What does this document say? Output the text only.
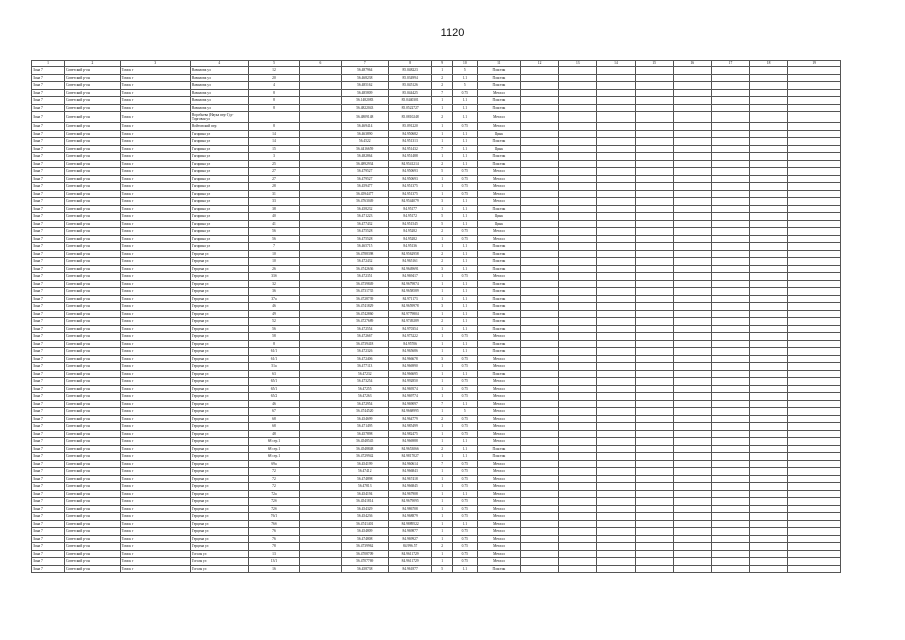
1120
1	2	3	4	5	6	7	8	9	10	11	12	13	14	15	16	17	18	19
Зона 7	Советский р-он	Томск г	Вавилова ул	12		56.487964	85.048223	1	5	Пластик								
Зона 7	Советский р-он	Томск г	Вавилова ул	20		56.468238	85.034994	2	1.1	Пластик								
Зона 7	Советский р-он	Томск г	Вавилова ул	4		56.485162	85.045126	2	5	Пластик								
Зона 7	Советский р-он	Томск г	Вавилова ул	8		56.485809	85.044425	7	0.75	Металл								
Зона 7	Советский р-он	Томск г	Вавилова ул	8		56.1482083	85.0440301	1	1.1	Пластик								
Зона 7	Советский р-он	Томск г	Вавилова ул	8		56.4822043	85.0522727	1	1.1	Пластик								
Зона 7	Советский р-он	Томск г	Воробьева (Наука пер-1) р-Торговая ул			56.4809148	85.0810248	2	1.1	Металл								
Зона 7	Советский р-он	Томск г	Войтовский пер	8		56.469414	85.091220	1	0.75	Металл								
Зона 7	Советский р-он	Томск г	Гагарина ул	14		56.463890	84.950682	1	1.1	Цинк								
Зона 7	Советский р-он	Томск г	Гагарина ул	14		56.4522	84.951313	1	1.1	Пластик								
Зона 7	Советский р-он	Томск г	Гагарина ул	15		56.4416659	84.951432	7	1.1	Цинк								
Зона 7	Советский р-он	Томск г	Гагарина ул	3		56.482864	84.951488	1	1.1	Пластик								
Зона 7	Советский р-он	Томск г	Гагарина ул	25		56.4892934	84.9541214	2	1.1	Пластик								
Зона 7	Советский р-он	Томск г	Гагарина ул	27		56.479527	84.950693	5	0.75	Металл								
Зона 7	Советский р-он	Томск г	Гагарина ул	27		56.479527	84.950693	1	0.75	Металл								
Зона 7	Советский р-он	Томск г	Гагарина ул	28		56.459477	84.951375	1	0.75	Металл								
Зона 7	Советский р-он	Томск г	Гагарина ул	31		56.4594477	84.951375	1	0.75	Металл								
Зона 7	Советский р-он	Томск г	Гагарина ул	33		56.4763049	84.9544079	3	1.1	Металл								
Зона 7	Советский р-он	Томск г	Гагарина ул	38		56.458232	84.95177	1	1.1	Пластик								
Зона 7	Советский р-он	Томск г	Гагарина ул	40		56.471223	84.95172	5	1.1	Цинк								
Зона 7	Советский р-он	Томск г	Гагарина ул	41		56.477432	84.951545	5	1.1	Цинк								
Зона 7	Советский р-он	Томск г	Гагарина ул	56		56.475528	84.95282	2	0.75	Металл								
Зона 7	Советский р-он	Томск г	Гагарина ул	56		56.475528	84.95282	1	0.75	Металл								
Зона 7	Советский р-он	Томск г	Гагарина ул	7		56.465715	84.95136	1	1.1	Пластик								
Зона 7	Советский р-он	Томск г	Герцена ул	10		56.4788398	84.9562958	2	1.1	Пластик								
Зона 7	Советский р-он	Томск г	Герцена ул	10		56.472432	84.965161	2	1.1	Пластик								
Зона 7	Советский р-он	Томск г	Герцена ул	26		56.4742636	84.9649691	3	1.1	Пластик								
Зона 7	Советский р-он	Томск г	Герцена ул	33б		56.472351	84.969417	1	0.75	Металл								
Зона 7	Советский р-он	Томск г	Герцена ул	32		56.4739849	84.9679874	1	1.1	Пластик								
Зона 7	Советский р-он	Томск г	Герцена ул	36		56.4731735	84.9658589	1	1.1	Пластик								
Зона 7	Советский р-он	Томск г	Герцена ул	37а		56.4728739	84.971173	1	1.1	Пластик								
Зона 7	Советский р-он	Томск г	Герцена ул	46		56.4741829	84.9659978	3	1.1	Пластик								
Зона 7	Советский р-он	Томск г	Герцена ул	49		56.4742860	84.9779804	1	1.1	Пластик								
Зона 7	Советский р-он	Томск г	Герцена ул	52		56.4727689	84.9749289	2	1.1	Пластик								
Зона 7	Советский р-он	Томск г	Герцена ул	56		56.472554	84.970354	1	1.1	Пластик								
Зона 7	Советский р-он	Томск г	Герцена ул	58		56.472667	84.975222	1	0.75	Металл								
Зона 7	Советский р-он	Томск г	Герцена ул	8		56.4739418	84.95706	1	1.1	Пластик								
Зона 7	Советский р-он	Томск г	Герцена ул	61/1		56.472326	84.965686	1	1.1	Пластик								
Зона 7	Советский р-он	Томск г	Герцена ул	61/1		56.472406	84.966678	3	0.75	Металл								
Зона 7	Советский р-он	Томск г	Герцена ул	51а		56.477113	84.966990	1	0.75	Металл								
Зона 7	Советский р-он	Томск г	Герцена ул	63		56.47232	84.966695	1	1.1	Пластик								
Зона 7	Советский р-он	Томск г	Герцена ул	65/1		56.473254	84.992850	1	0.75	Металл								
Зона 7	Советский р-он	Томск г	Герцена ул	65/1		56.47255	84.969574	1	0.75	Металл								
Зона 7	Советский р-он	Томск г	Герцена ул	65/2		56.47263	84.969774	1	0.75	Металл								
Зона 7	Советский р-он	Томск г	Герцена ул	46		56.472954	84.969097	7	1.1	Металл								
Зона 7	Советский р-он	Томск г	Герцена ул	67		56.4744520	84.9668995	1	5	Металл								
Зона 7	Советский р-он	Томск г	Герцена ул	68		56.454699	84.964779	2	0.75	Металл								
Зона 7	Советский р-он	Томск г	Герцена ул	68		56.471495	84.985499	1	0.75	Металл								
Зона 7	Советский р-он	Томск г	Герцена ул	48		56.457898	84.982475	1	0.75	Металл								
Зона 7	Советский р-он	Томск г	Герцена ул	68 стр.1		56.4548545	84.966988	1	1.1	Металл								
Зона 7	Советский р-он	Томск г	Герцена ул	68 стр.1		56.4548848	84.9653066	2	1.1	Пластик								
Зона 7	Советский р-он	Томск г	Герцена ул	68 стр.1		56.4729942	84.9817027	1	1.1	Пластик								
Зона 7	Советский р-он	Томск г	Герцена ул	69а		56.454199	84.960614	7	0.75	Металл								
Зона 7	Советский р-он	Томск г	Герцена ул	72		56.47412	84.966843	1	0.75	Металл								
Зона 7	Советский р-он	Томск г	Герцена ул	72		56.474898	84.967418	1	0.75	Металл								
Зона 7	Советский р-он	Томск г	Герцена ул	72		56.47813	84.966845	1	0.75	Металл								
Зона 7	Советский р-он	Томск г	Герцена ул	72а		56.454194	84.967908	1	1.1	Металл								
Зона 7	Советский р-он	Томск г	Герцена ул	72б		56.4541814	84.9679095	1	0.75	Металл								
Зона 7	Советский р-он	Томск г	Герцена ул	72б		56.454329	84.986708	1	0.75	Металл								
Зона 7	Советский р-он	Томск г	Герцена ул	76/1		56.454236	84.968879	1	0.75	Металл								
Зона 7	Советский р-он	Томск г	Герцена ул	76б		56.4741401	84.9889522	1	1.1	Металл								
Зона 7	Советский р-он	Томск г	Герцена ул	76		56.454809	84.969877	1	0.75	Металл								
Зона 7	Советский р-он	Томск г	Герцена ул	76		56.474808	84.969927	1	0.75	Металл								
Зона 7	Советский р-он	Томск г	Герцена ул	78		56.4739962	84.996.57	2	0.75	Металл								
Зона 7	Советский р-он	Томск г	Гоголя ул	13		56.4708709	84.9611729	1	0.75	Металл								
Зона 7	Советский р-он	Томск г	Гоголя ул	13/1		56.4707769	84.9611729	1	0.75	Металл								
Зона 7	Советский р-он	Томск г	Гоголя ул	16		56.458738	84.961877	5	1.1	Пластик								
